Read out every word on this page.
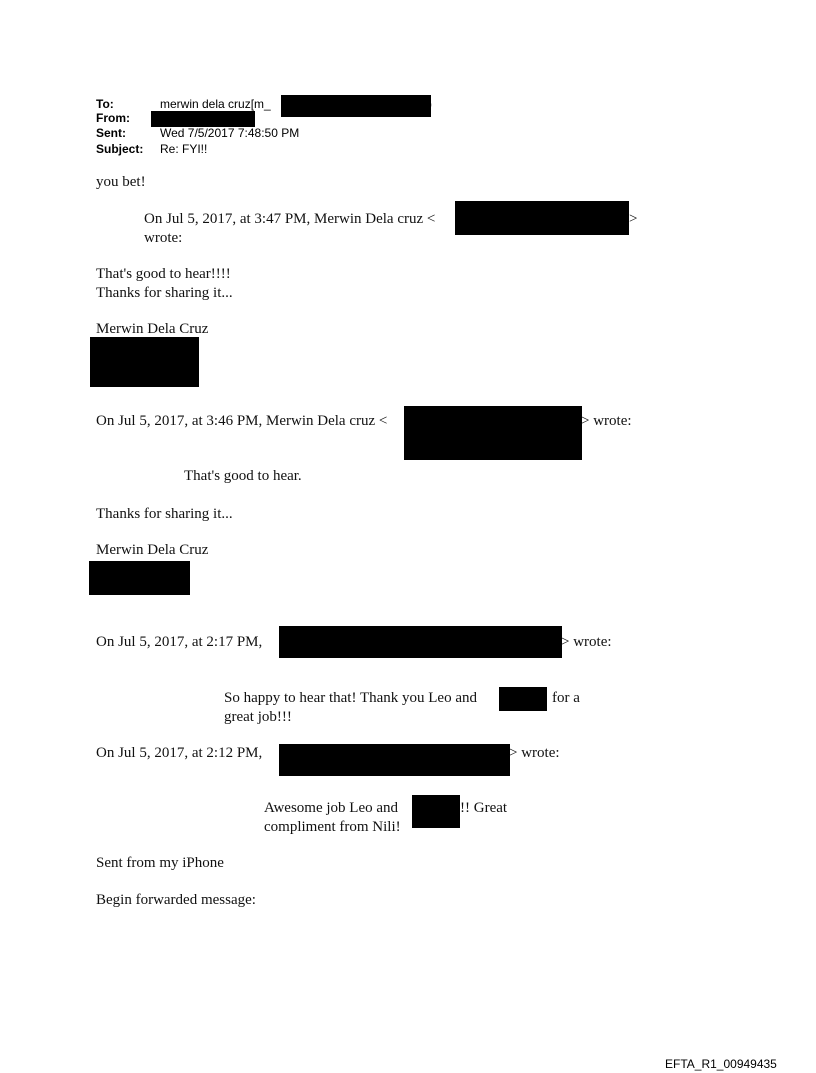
To:	merwin dela cruz[m_	)
From:
Sent:	Wed 7/5/2017 7:48:50 PM
Subject: Re: FYI!!
you bet!
On Jul 5, 2017, at 3:47 PM, Merwin Dela cruz <	>
wrote:
That's good to hear!!!!
Thanks for sharing it...
Merwin Dela Cruz
On Jul 5, 2017, at 3:46 PM, Merwin Dela cruz <	> wrote:
That's good to hear.
Thanks for sharing it...
Merwin Dela Cruz
On Jul 5, 2017, at 2:17 PM,	> wrote:
So happy to hear that! Thank you Leo and	for a
great job!!!
On Jul 5, 2017, at 2:12 PM,	> wrote:
Awesome job Leo and	!! Great
compliment from Nili!
Sent from my iPhone
Begin forwarded message:
EFTA_R1_00949435
